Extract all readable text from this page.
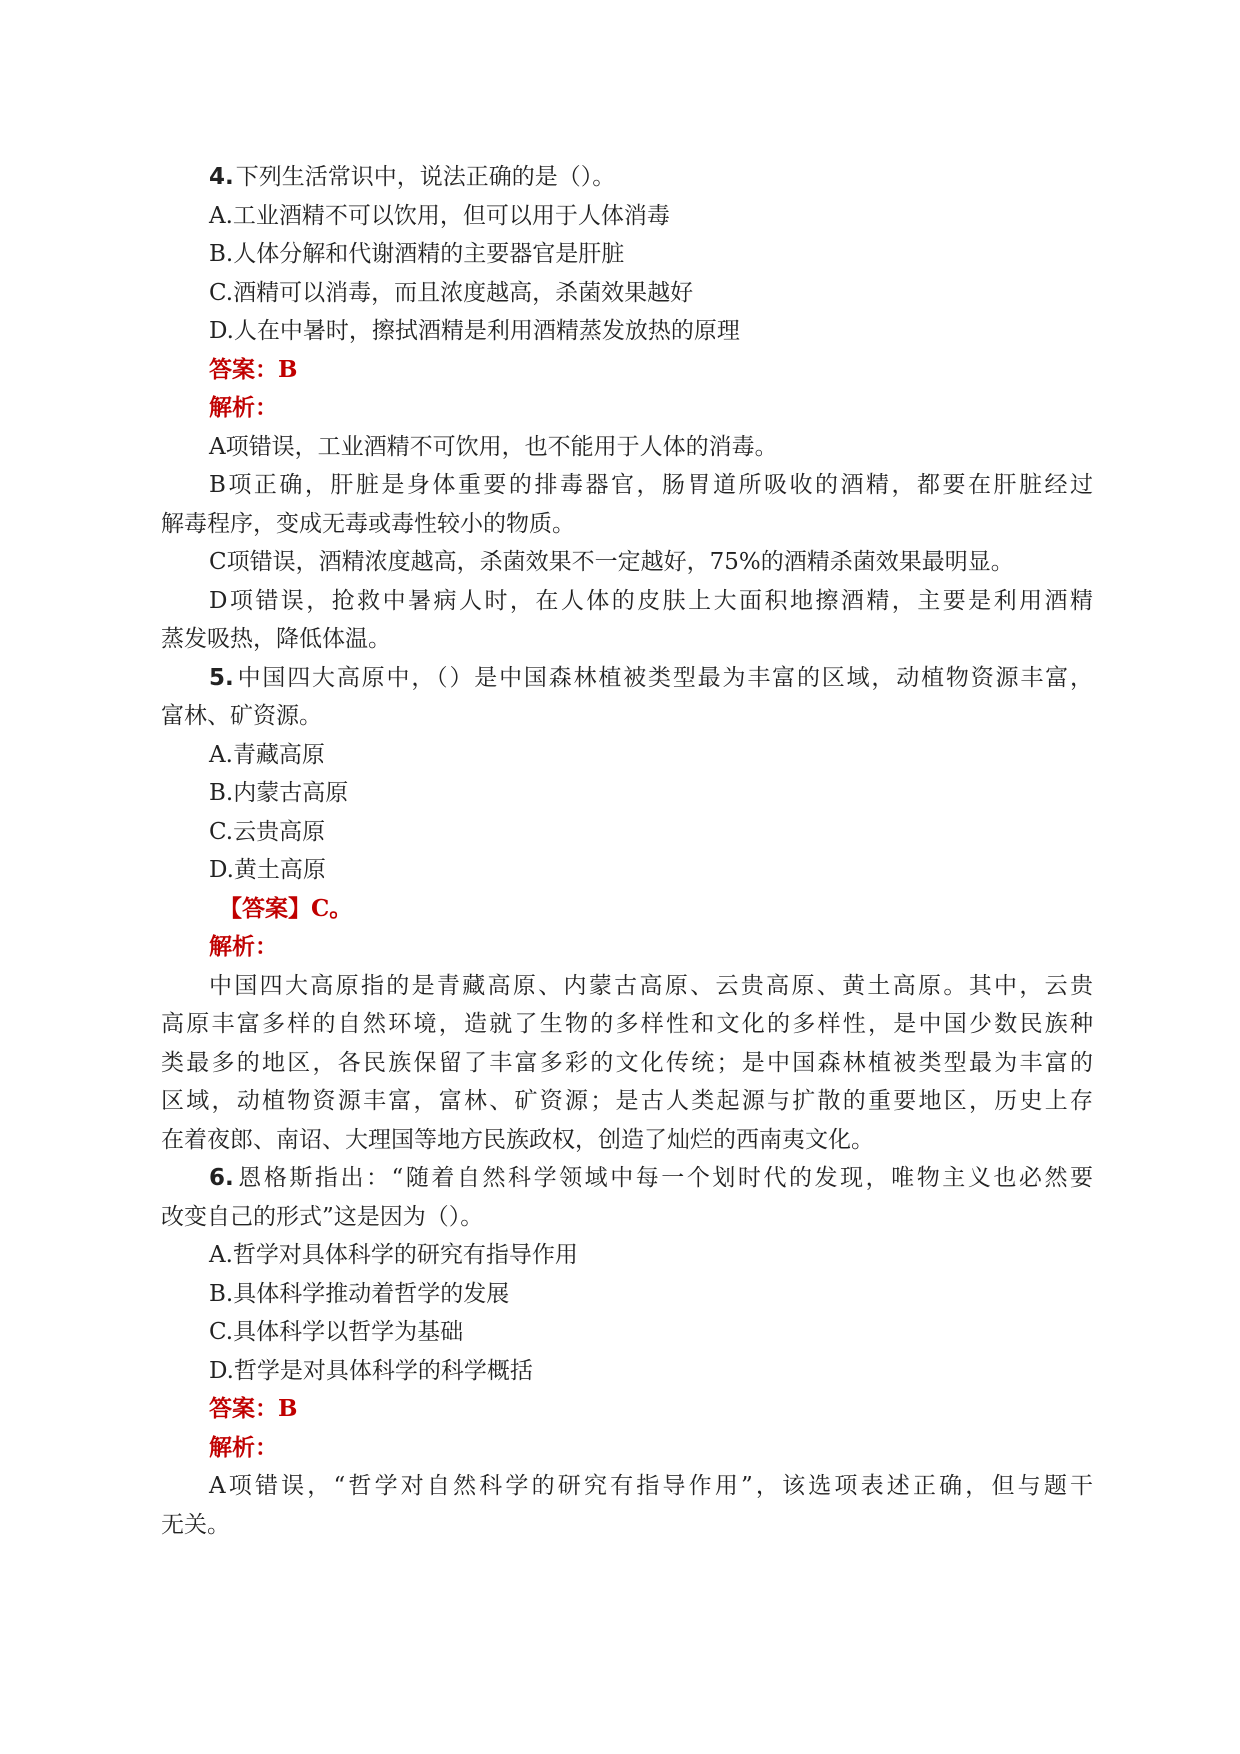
4.下列生活常识中，说法正确的是（）。
A.工业酒精不可以饮用，但可以用于人体消毒
B.人体分解和代谢酒精的主要器官是肝脏
C.酒精可以消毒，而且浓度越高，杀菌效果越好
D.人在中暑时，擦拭酒精是利用酒精蒸发放热的原理
答案：B
解析：
A项错误，工业酒精不可饮用，也不能用于人体的消毒。
B项正确，肝脏是身体重要的排毒器官，肠胃道所吸收的酒精，都要在肝脏经过
解毒程序，变成无毒或毒性较小的物质。
C项错误，酒精浓度越高，杀菌效果不一定越好，75%的酒精杀菌效果最明显。
D项错误，抢救中暑病人时，在人体的皮肤上大面积地擦酒精，主要是利用酒精
蒸发吸热，降低体温。
5.中国四大高原中，（）是中国森林植被类型最为丰富的区域，动植物资源丰富，
富林、矿资源。
A.青藏高原
B.内蒙古高原
C.云贵高原
D.黄土高原
【答案】C。
解析：
中国四大高原指的是青藏高原、内蒙古高原、云贵高原、黄土高原。其中，云贵
高原丰富多样的自然环境，造就了生物的多样性和文化的多样性，是中国少数民族种
类最多的地区，各民族保留了丰富多彩的文化传统；是中国森林植被类型最为丰富的
区域，动植物资源丰富，富林、矿资源；是古人类起源与扩散的重要地区，历史上存
在着夜郎、南诏、大理国等地方民族政权，创造了灿烂的西南夷文化。
6.恩格斯指出：“随着自然科学领域中每一个划时代的发现，唯物主义也必然要
改变自己的形式”这是因为（）。
A.哲学对具体科学的研究有指导作用
B.具体科学推动着哲学的发展
C.具体科学以哲学为基础
D.哲学是对具体科学的科学概括
答案：B
解析：
A项错误，“哲学对自然科学的研究有指导作用”，该选项表述正确，但与题干
无关。
